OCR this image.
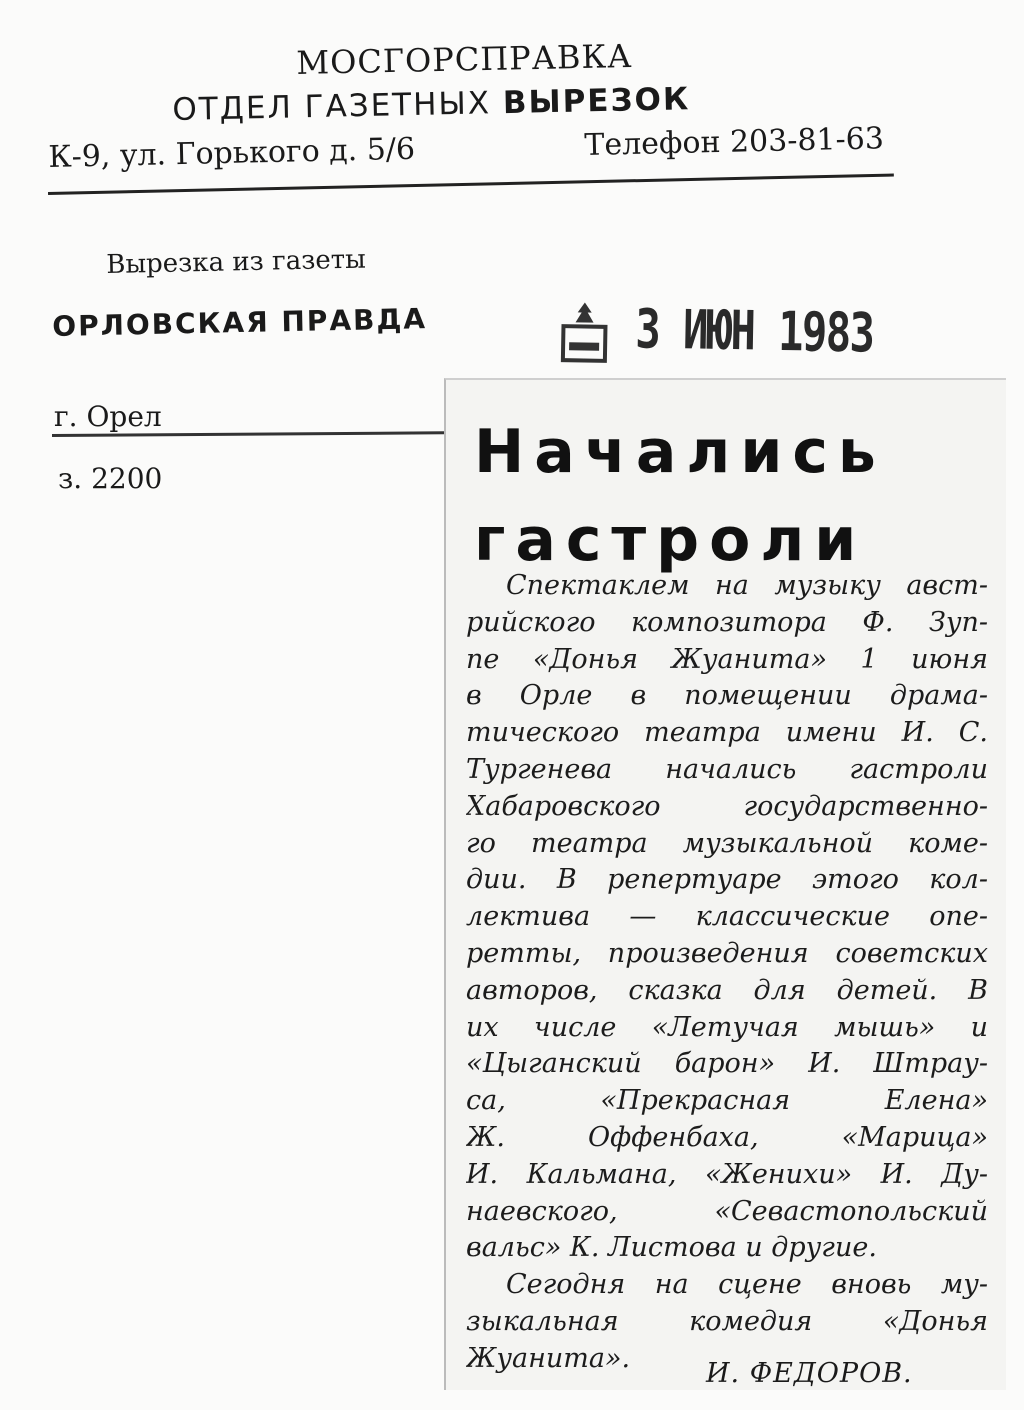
МОСГОРСПРАВКА
ОТДЕЛ ГАЗЕТНЫХ ВЫРЕЗОК
К-9, ул. Горького д. 5/6	Телефон 203-81-63
Вырезка из газеты
ОРЛОВСКАЯ ПРАВДА	3 ИЮН 1983
г. Орел
з. 2200	Начались
гастроли
Спектаклем на музыку авст-
рийского композитора Ф. Зуп-
пе «Донья Жуанита» 1 июня
в Орле в помещении драма-
тического театра имени И. С.
Тургенева начались гастроли
Хабаровского государственно-
го театра музыкальной коме-
дии. В репертуаре этого кол-
лектива — классические опе-
ретты, произведения советских
авторов, сказка для детей. В
их числе «Летучая мышь» и
«Цыганский барон» И. Штрау-
са, «Прекрасная Елена»
Ж. Оффенбаха, «Марица»
И. Кальмана, «Женихи» И. Ду-
наевского, «Севастопольский
вальс» К. Листова и другие.
Сегодня на сцене вновь му-
зыкальная комедия «Донья
Жуанита».	И. ФЕДОРОВ.
